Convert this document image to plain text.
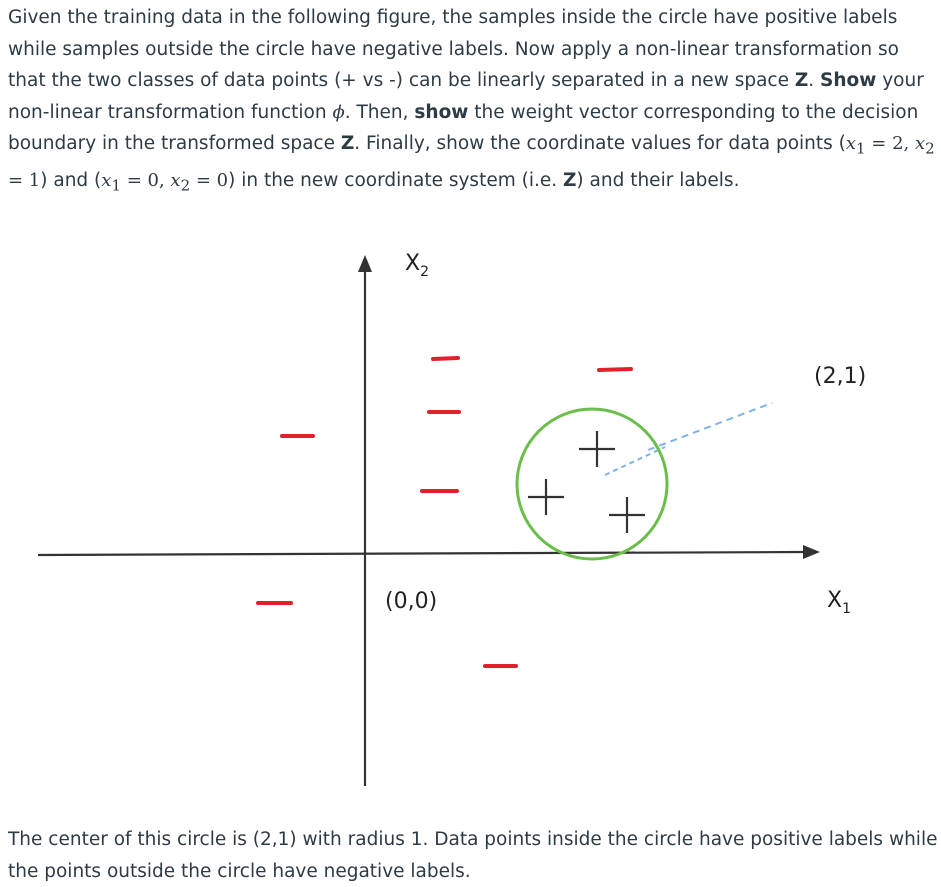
Given the training data in the following figure, the samples inside the circle have positive labels while samples outside the circle have negative labels. Now apply a non-linear transformation so that the two classes of data points (+ vs -) can be linearly separated in a new space Z. Show your non-linear transformation function ϕ. Then, show the weight vector corresponding to the decision boundary in the transformed space Z. Finally, show the coordinate values for data points ($x_1 = 2$, $x_2 = 1$) and ($x_1 = 0$, $x_2 = 0$) in the new coordinate system (i.e. Z) and their labels.

$X_2$
$X_1$
(0,0)
(2,1)

The center of this circle is (2,1) with radius 1. Data points inside the circle have positive labels while the points outside the circle have negative labels.
